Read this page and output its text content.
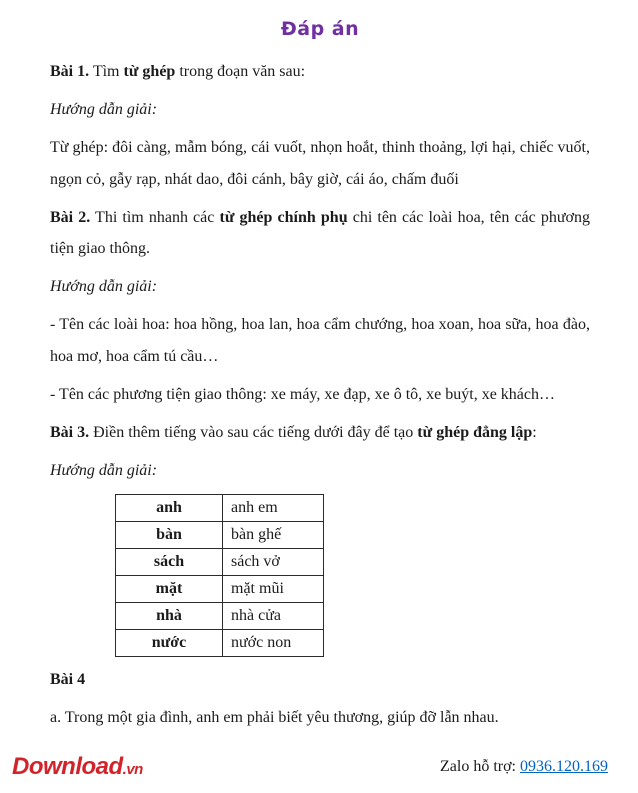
Đáp án

Bài 1. Tìm từ ghép trong đoạn văn sau:

Hướng dẫn giải:

Từ ghép: đôi càng, mẫm bóng, cái vuốt, nhọn hoắt, thinh thoảng, lợi hại, chiếc vuốt, ngọn cỏ, gẫy rạp, nhát dao, đôi cánh, bây giờ, cái áo, chấm đuối

Bài 2. Thi tìm nhanh các từ ghép chính phụ chi tên các loài hoa, tên các phương tiện giao thông.

Hướng dẫn giải:

- Tên các loài hoa: hoa hồng, hoa lan, hoa cẩm chướng, hoa xoan, hoa sữa, hoa đào, hoa mơ, hoa cẩm tú cầu…

- Tên các phương tiện giao thông: xe máy, xe đạp, xe ô tô, xe buýt, xe khách…

Bài 3. Điền thêm tiếng vào sau các tiếng dưới đây để tạo từ ghép đẳng lập:

Hướng dẫn giải:

anh	anh em
bàn	bàn ghế
sách	sách vở
mặt	mặt mũi
nhà	nhà cửa
nước	nước non

Bài 4

a. Trong một gia đình, anh em phải biết yêu thương, giúp đỡ lẫn nhau.

Download.vn	Zalo hỗ trợ: 0936.120.169
